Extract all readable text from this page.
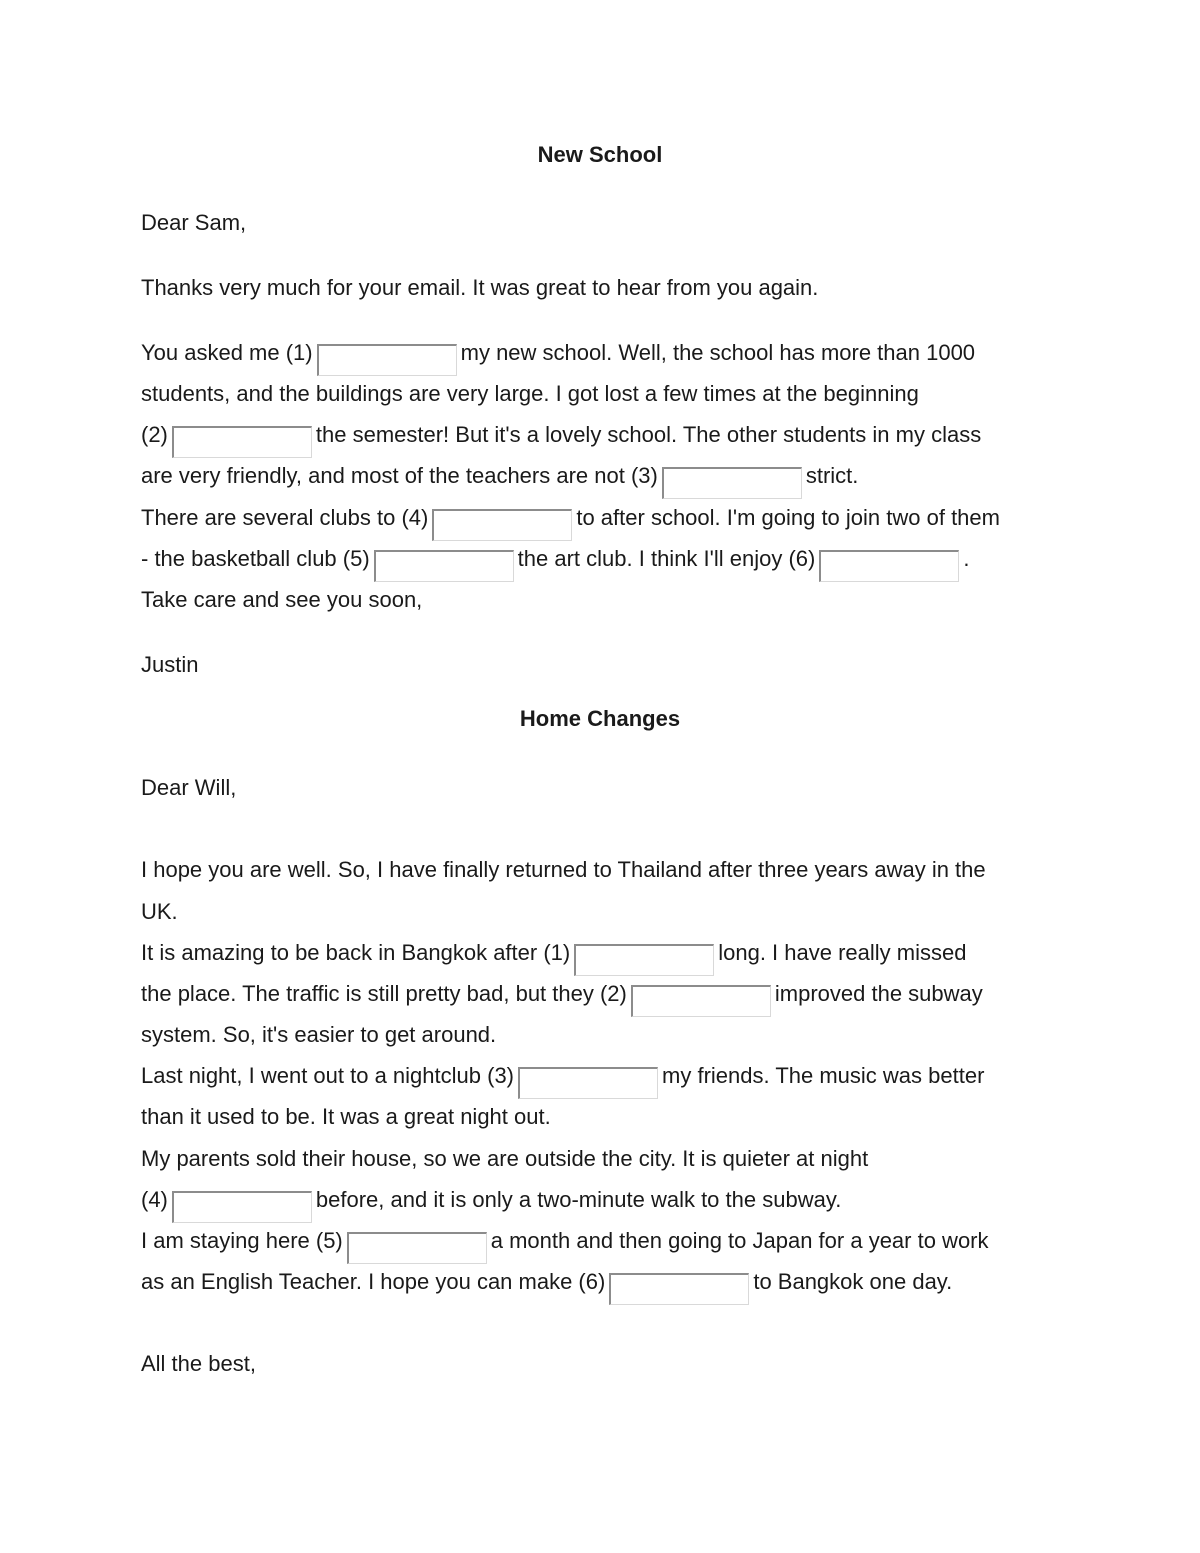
New School

Dear Sam,

Thanks very much for your email. It was great to hear from you again.

You asked me (1)	my new school. Well, the school has more than 1000

students, and the buildings are very large. I got lost a few times at the beginning

(2)	the semester! But it's a lovely school. The other students in my class

are very friendly, and most of the teachers are not (3)	strict.

There are several clubs to (4)	to after school. I'm going to join two of them

- the basketball club (5)	the art club. I think I'll enjoy (6)	.

Take care and see you soon,

Justin

Home Changes

Dear Will,

I hope you are well. So, I have finally returned to Thailand after three years away in the

UK.

It is amazing to be back in Bangkok after (1)	long. I have really missed

the place. The traffic is still pretty bad, but they (2)	improved the subway

system. So, it's easier to get around.

Last night, I went out to a nightclub (3)	my friends. The music was better

than it used to be. It was a great night out.

My parents sold their house, so we are outside the city. It is quieter at night

(4)	before, and it is only a two-minute walk to the subway.

I am staying here (5)	a month and then going to Japan for a year to work

as an English Teacher. I hope you can make (6)	to Bangkok one day.

All the best,
